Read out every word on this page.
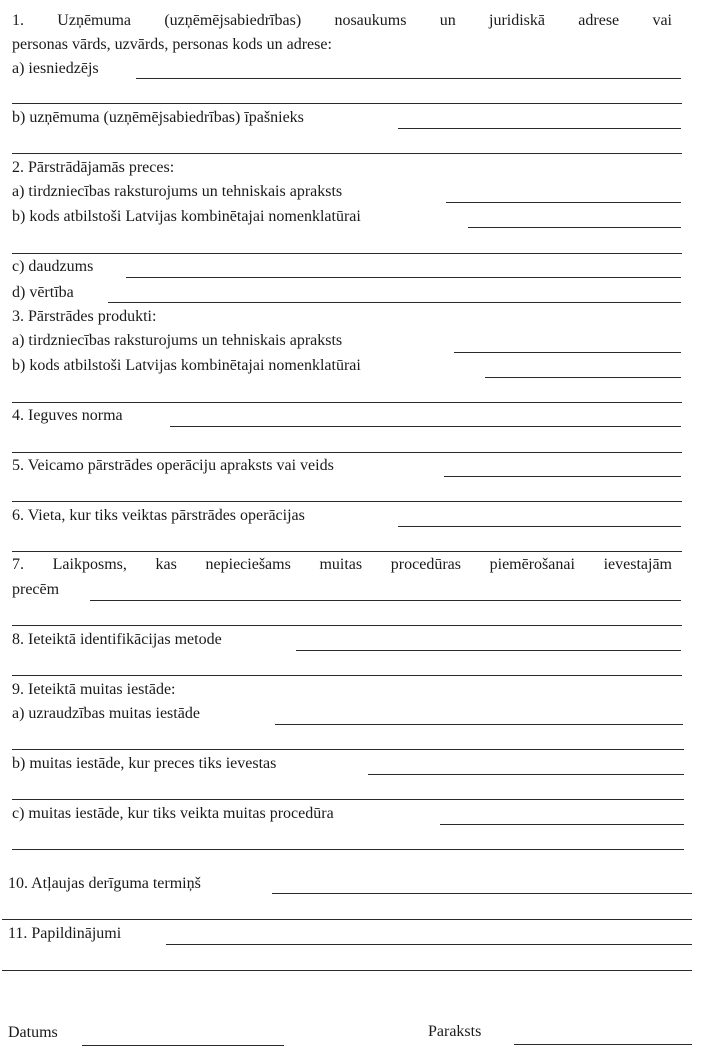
1. Uzņēmuma (uzņēmējsabiedrības) nosaukums un juridiskā adrese vai
personas vārds, uzvārds, personas kods un adrese:
a) iesniedzējs
b) uzņēmuma (uzņēmējsabiedrības) īpašnieks
2. Pārstrādājamās preces:
a) tirdzniecības raksturojums un tehniskais apraksts
b) kods atbilstoši Latvijas kombinētajai nomenklatūrai
c) daudzums
d) vērtība
3. Pārstrādes produkti:
a) tirdzniecības raksturojums un tehniskais apraksts
b) kods atbilstoši Latvijas kombinētajai nomenklatūrai
4. Ieguves norma
5. Veicamo pārstrādes operāciju apraksts vai veids
6. Vieta, kur tiks veiktas pārstrādes operācijas
7. Laikposms, kas nepieciešams muitas procedūras piemērošanai ievestajām
precēm
8. Ieteiktā identifikācijas metode
9. Ieteiktā muitas iestāde:
a) uzraudzības muitas iestāde
b) muitas iestāde, kur preces tiks ievestas
c) muitas iestāde, kur tiks veikta muitas procedūra
10. Atļaujas derīguma termiņš
11. Papildinājumi
Datums	Paraksts
